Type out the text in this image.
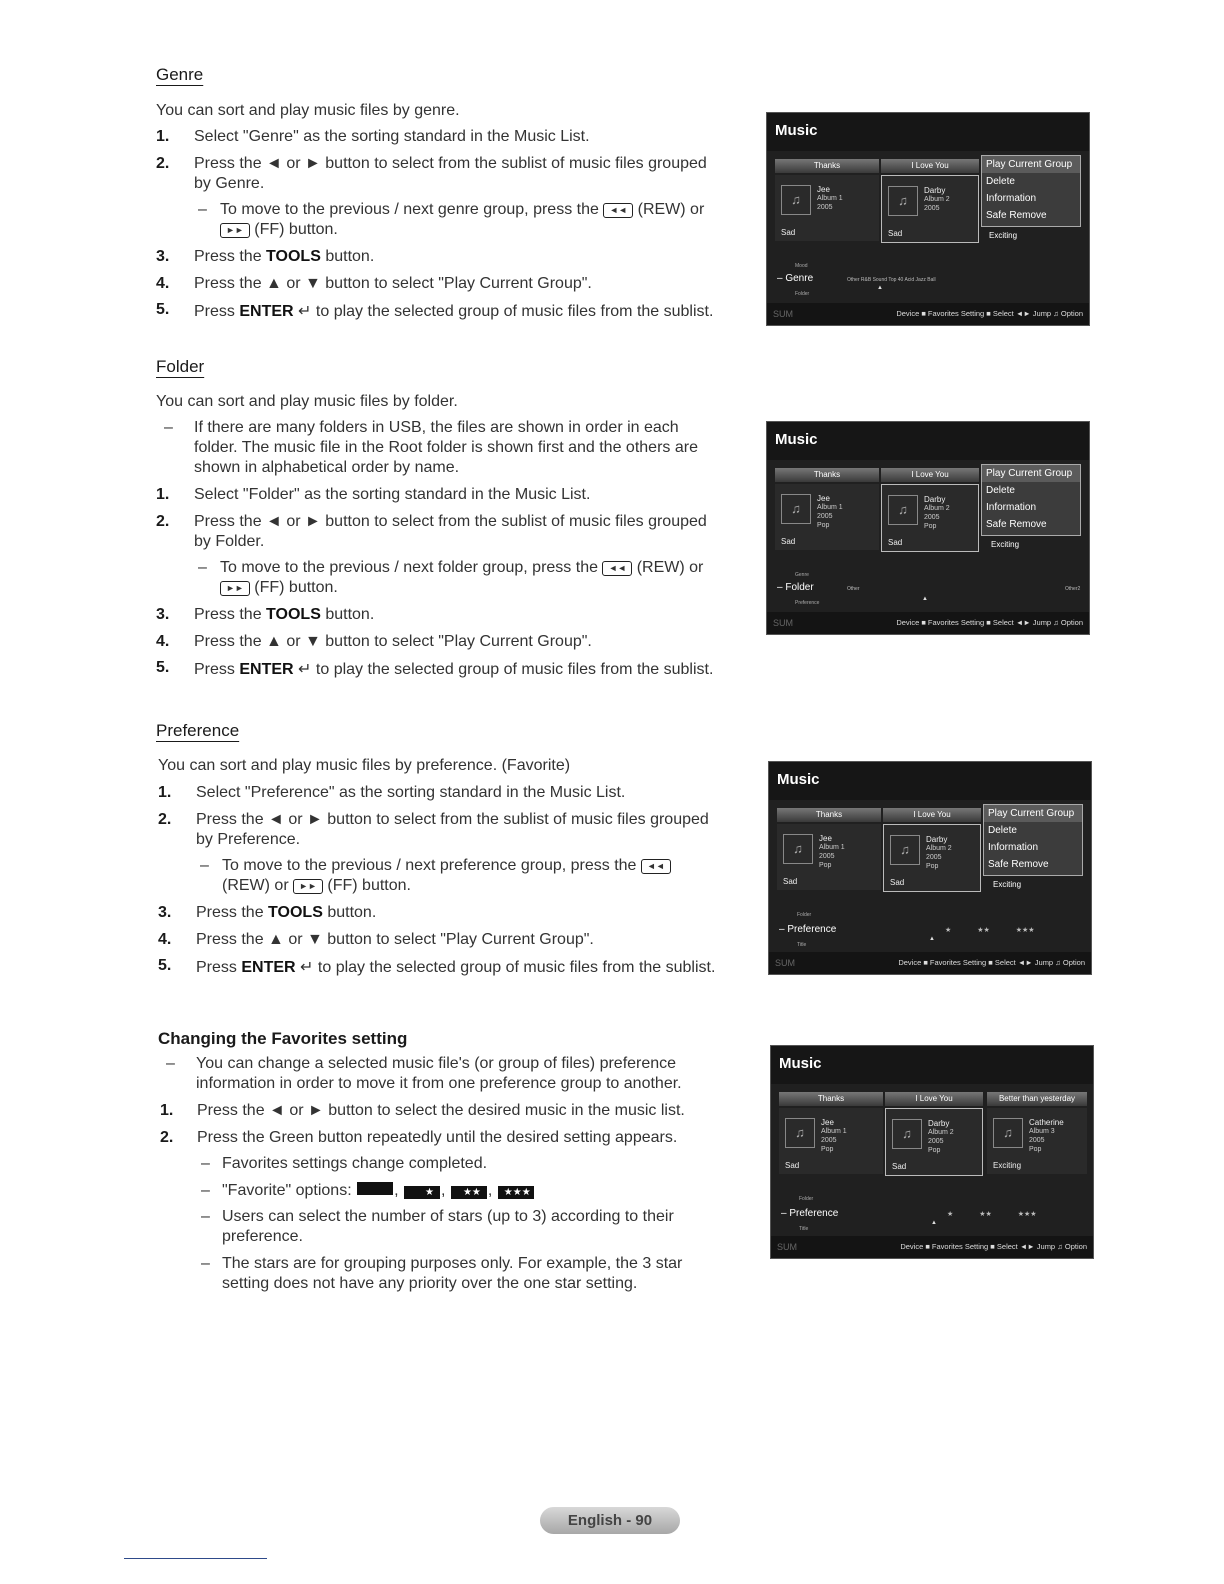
Genre
You can sort and play music files by genre.
1. Select "Genre" as the sorting standard in the Music List.
2. Press the ◄ or ► button to select from the sublist of music files grouped
by Genre.
– To move to the previous / next genre group, press the ◄◄ (REW) or
►► (FF) button.
3. Press the TOOLS button.
4. Press the ▲ or ▼ button to select "Play Current Group".
5. Press ENTER ↵ to play the selected group of music files from the sublist.
Music
Thanks	I Love You
♫
Jee
Album 1
2005
Sad
♫
Darby
Album 2
2005
Sad
Play Current Group
Delete
Information
Safe Remove
Exciting
Mood
– Genre
Folder
Other R&B Sound Top 40 Acid Jazz Ball
▲
SUM	Device ■ Favorites Setting ■ Select ◄► Jump ♫ Option
Folder
You can sort and play music files by folder.
– If there are many folders in USB, the files are shown in order in each
folder. The music file in the Root folder is shown first and the others are
shown in alphabetical order by name.
1. Select "Folder" as the sorting standard in the Music List.
2. Press the ◄ or ► button to select from the sublist of music files grouped
by Folder.
– To move to the previous / next folder group, press the ◄◄ (REW) or
►► (FF) button.
3. Press the TOOLS button.
4. Press the ▲ or ▼ button to select "Play Current Group".
5. Press ENTER ↵ to play the selected group of music files from the sublist.
Music
Thanks	I Love You
♫
Jee
Album 1
2005
Pop
Sad
♫
Darby
Album 2
2005
Pop
Sad
Play Current Group
Delete
Information
Safe Remove
Exciting
Genre
– Folder
Preference
Other	Other2
▲
SUM	Device ■ Favorites Setting ■ Select ◄► Jump ♫ Option
Preference
You can sort and play music files by preference. (Favorite)
1. Select "Preference" as the sorting standard in the Music List.
2. Press the ◄ or ► button to select from the sublist of music files grouped
by Preference.
– To move to the previous / next preference group, press the ◄◄
(REW) or ►► (FF) button.
3. Press the TOOLS button.
4. Press the ▲ or ▼ button to select "Play Current Group".
5. Press ENTER ↵ to play the selected group of music files from the sublist.
Music
Thanks	I Love You
♫
Jee
Album 1
2005
Pop
Sad
♫
Darby
Album 2
2005
Pop
Sad
Play Current Group
Delete
Information
Safe Remove
Exciting
Folder
– Preference
Title
★ ★★ ★★★
▲
SUM	Device ■ Favorites Setting ■ Select ◄► Jump ♫ Option
Changing the Favorites setting
– You can change a selected music file's (or group of files) preference
information in order to move it from one preference group to another.
1. Press the ◄ or ► button to select the desired music in the music list.
2. Press the Green button repeatedly until the desired setting appears.
– Favorites settings change completed.
– "Favorite" options:	, ★ , ★★ , ★★★
– Users can select the number of stars (up to 3) according to their
preference.
– The stars are for grouping purposes only. For example, the 3 star
setting does not have any priority over the one star setting.
Music
Thanks	I Love You	Better than yesterday
♫
Jee
Album 1
2005
Pop
Sad
♫
Darby
Album 2
2005
Pop
Sad
♫
Catherine
Album 3
2005
Pop
Exciting
Folder
– Preference
Title
★ ★★ ★★★
▲
SUM	Device ■ Favorites Setting ■ Select ◄► Jump ♫ Option
English - 90
